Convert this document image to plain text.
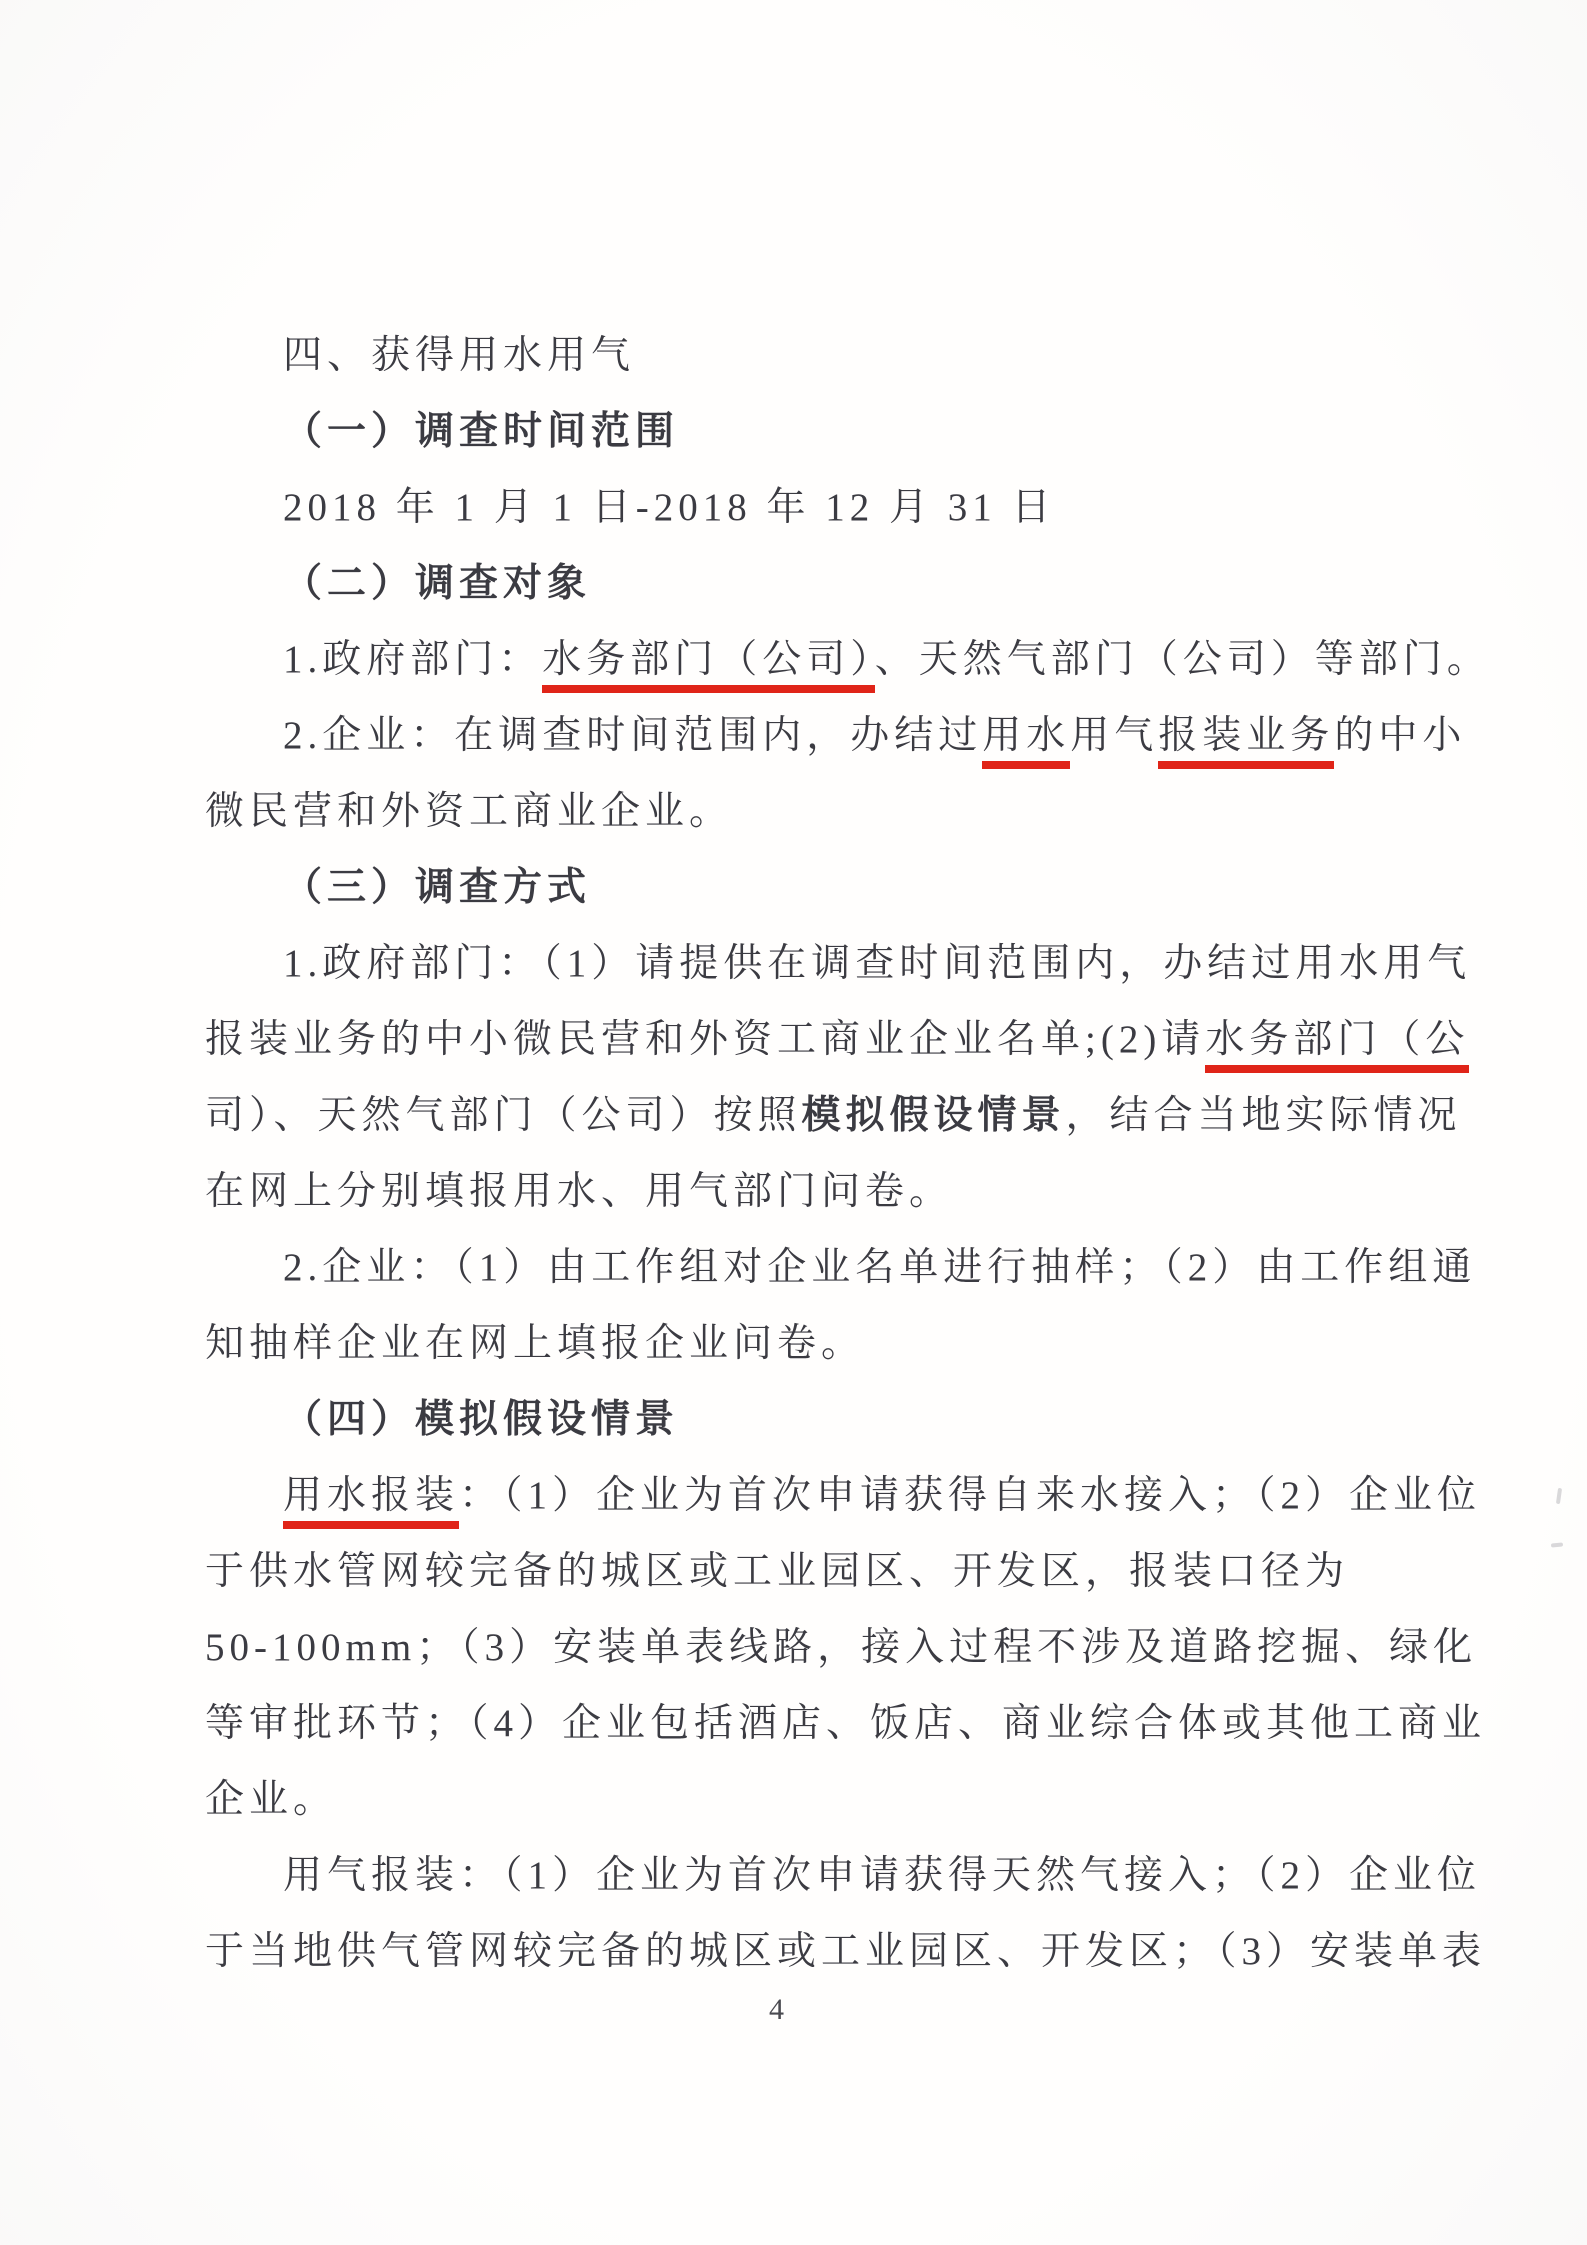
四、获得用水用气
（一）调查时间范围
2018 年 1 月 1 日-2018 年 12 月 31 日
（二）调查对象
1.政府部门：水务部门（公司）、天然气部门（公司）等部门。
2.企业：在调查时间范围内，办结过用水用气报装业务的中小
微民营和外资工商业企业。
（三）调查方式
1.政府部门：（1）请提供在调查时间范围内，办结过用水用气
报装业务的中小微民营和外资工商业企业名单;(2)请水务部门（公
司）、天然气部门（公司）按照模拟假设情景，结合当地实际情况
在网上分别填报用水、用气部门问卷。
2.企业：（1）由工作组对企业名单进行抽样；（2）由工作组通
知抽样企业在网上填报企业问卷。
（四）模拟假设情景
用水报装：（1）企业为首次申请获得自来水接入；（2）企业位
于供水管网较完备的城区或工业园区、开发区，报装口径为
50-100mm；（3）安装单表线路，接入过程不涉及道路挖掘、绿化
等审批环节；（4）企业包括酒店、饭店、商业综合体或其他工商业
企业。
用气报装：（1）企业为首次申请获得天然气接入；（2）企业位
于当地供气管网较完备的城区或工业园区、开发区；（3）安装单表
4
